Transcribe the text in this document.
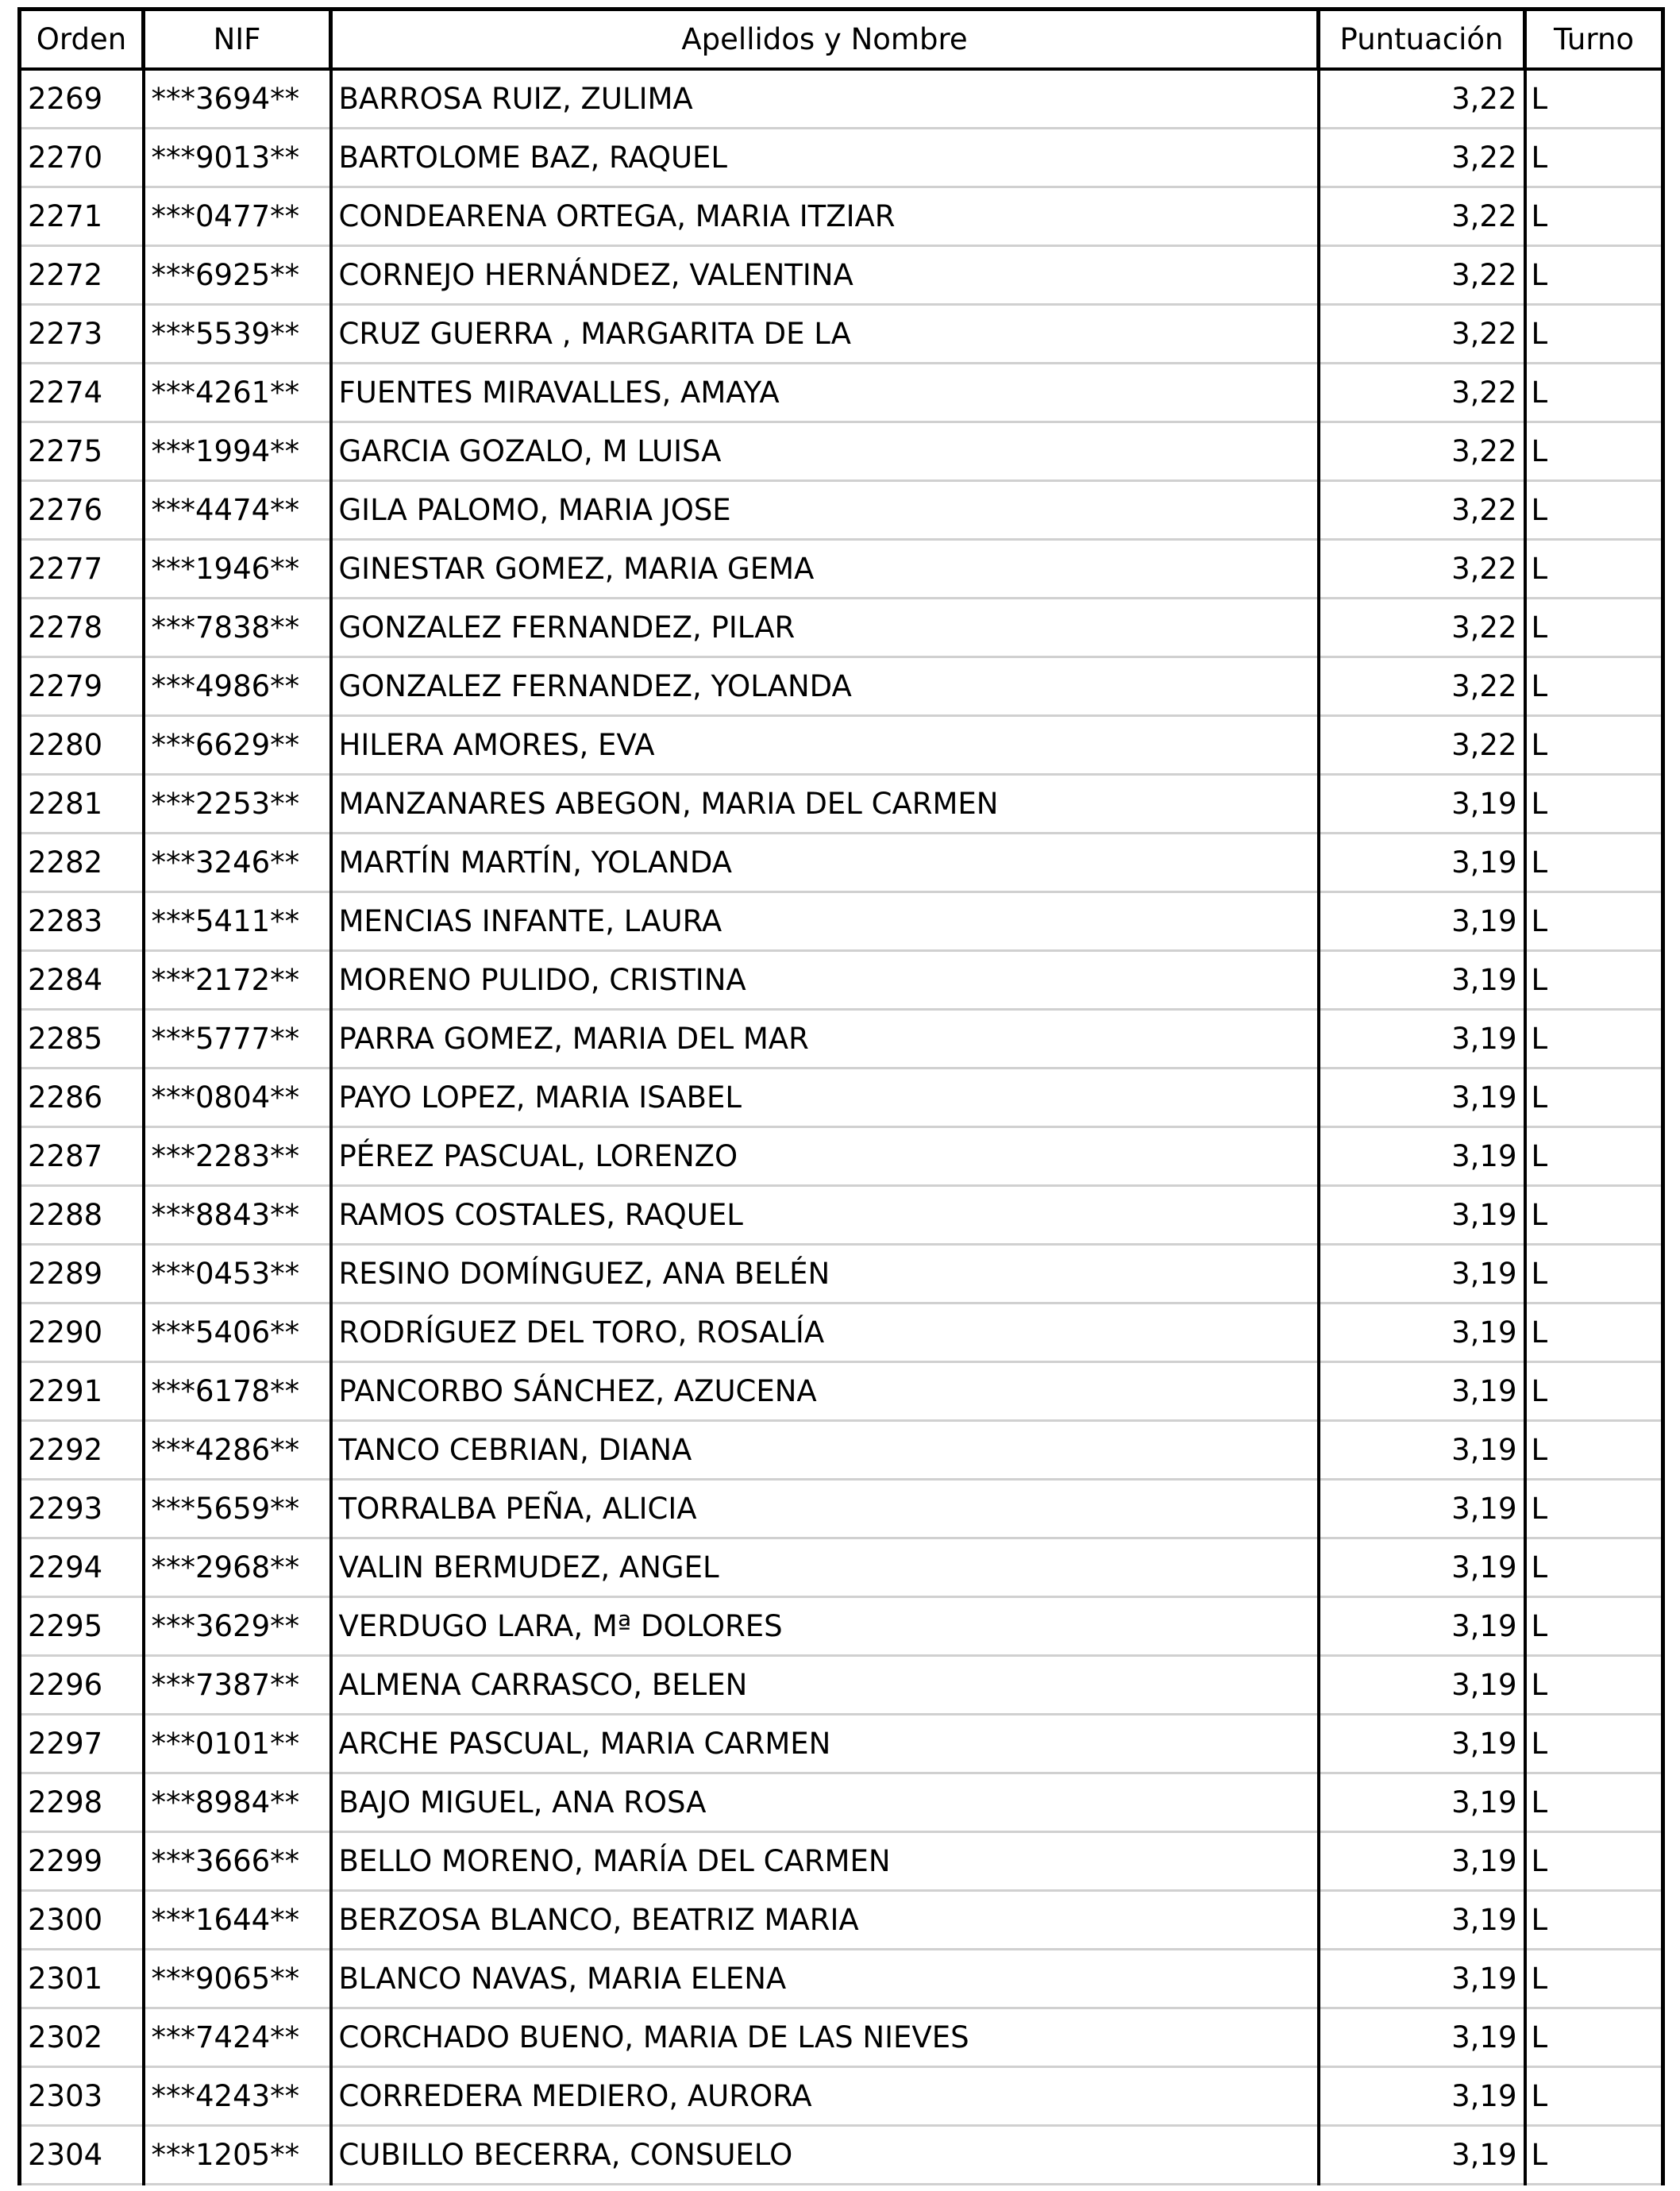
Orden	NIF	Apellidos y Nombre	Puntuación	Turno
2269	***3694**	BARROSA RUIZ, ZULIMA	3,22	L
2270	***9013**	BARTOLOME BAZ, RAQUEL	3,22	L
2271	***0477**	CONDEARENA ORTEGA, MARIA ITZIAR	3,22	L
2272	***6925**	CORNEJO HERNÁNDEZ, VALENTINA	3,22	L
2273	***5539**	CRUZ GUERRA , MARGARITA DE LA	3,22	L
2274	***4261**	FUENTES MIRAVALLES, AMAYA	3,22	L
2275	***1994**	GARCIA GOZALO, M LUISA	3,22	L
2276	***4474**	GILA PALOMO, MARIA JOSE	3,22	L
2277	***1946**	GINESTAR GOMEZ, MARIA GEMA	3,22	L
2278	***7838**	GONZALEZ FERNANDEZ, PILAR	3,22	L
2279	***4986**	GONZALEZ FERNANDEZ, YOLANDA	3,22	L
2280	***6629**	HILERA AMORES, EVA	3,22	L
2281	***2253**	MANZANARES ABEGON, MARIA DEL CARMEN	3,19	L
2282	***3246**	MARTÍN MARTÍN, YOLANDA	3,19	L
2283	***5411**	MENCIAS INFANTE, LAURA	3,19	L
2284	***2172**	MORENO PULIDO, CRISTINA	3,19	L
2285	***5777**	PARRA GOMEZ, MARIA DEL MAR	3,19	L
2286	***0804**	PAYO LOPEZ, MARIA ISABEL	3,19	L
2287	***2283**	PÉREZ PASCUAL, LORENZO	3,19	L
2288	***8843**	RAMOS COSTALES, RAQUEL	3,19	L
2289	***0453**	RESINO DOMÍNGUEZ, ANA BELÉN	3,19	L
2290	***5406**	RODRÍGUEZ DEL TORO, ROSALÍA	3,19	L
2291	***6178**	PANCORBO SÁNCHEZ, AZUCENA	3,19	L
2292	***4286**	TANCO CEBRIAN, DIANA	3,19	L
2293	***5659**	TORRALBA PEÑA, ALICIA	3,19	L
2294	***2968**	VALIN BERMUDEZ, ANGEL	3,19	L
2295	***3629**	VERDUGO LARA, Mª DOLORES	3,19	L
2296	***7387**	ALMENA CARRASCO, BELEN	3,19	L
2297	***0101**	ARCHE PASCUAL, MARIA CARMEN	3,19	L
2298	***8984**	BAJO MIGUEL, ANA ROSA	3,19	L
2299	***3666**	BELLO MORENO, MARÍA DEL CARMEN	3,19	L
2300	***1644**	BERZOSA BLANCO, BEATRIZ MARIA	3,19	L
2301	***9065**	BLANCO NAVAS, MARIA ELENA	3,19	L
2302	***7424**	CORCHADO BUENO, MARIA DE LAS NIEVES	3,19	L
2303	***4243**	CORREDERA MEDIERO, AURORA	3,19	L
2304	***1205**	CUBILLO BECERRA, CONSUELO	3,19	L
